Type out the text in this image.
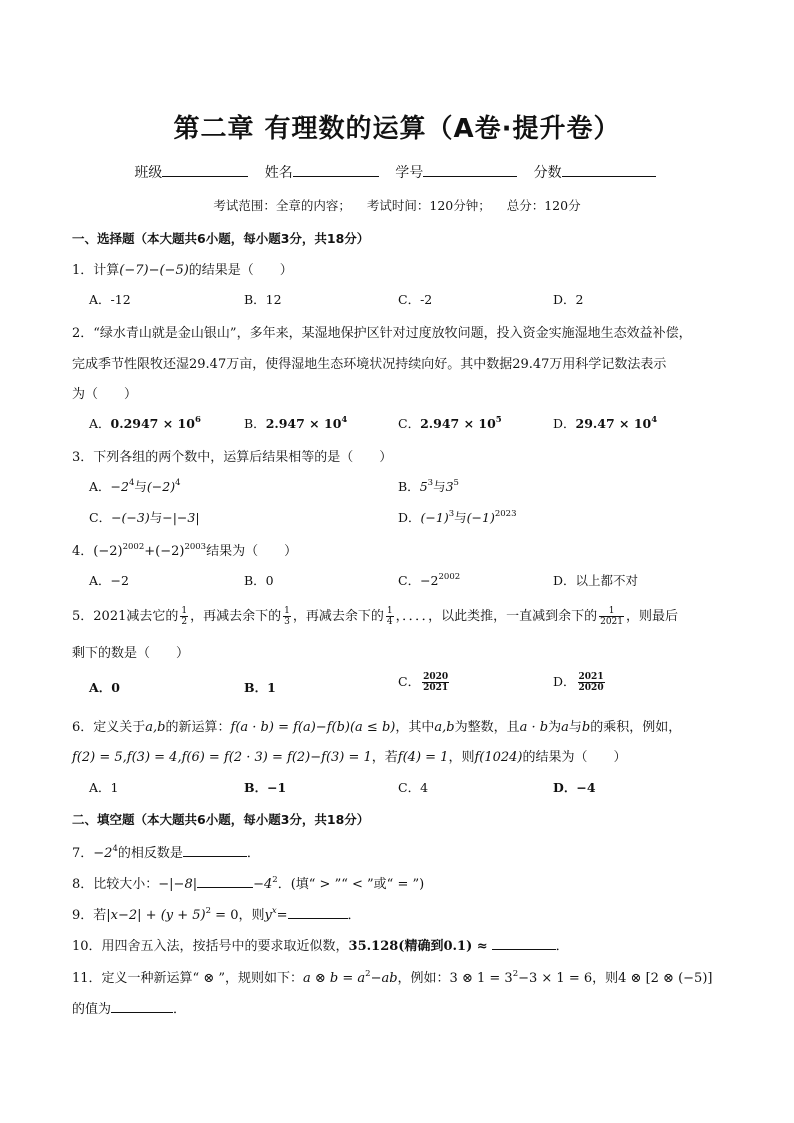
第二章 有理数的运算（A卷·提升卷）
班级	姓名	学号	分数
考试范围：全章的内容； 考试时间：120分钟； 总分：120分
一、选择题（本大题共6小题，每小题3分，共18分）
1．计算(−7)−(−5)的结果是（　　）
A．-12	B．12	C．-2	D．2
2．“绿水青山就是金山银山”，多年来，某湿地保护区针对过度放牧问题，投入资金实施湿地生态效益补偿，
完成季节性限牧还湿29.47万亩，使得湿地生态环境状况持续向好。其中数据29.47万用科学记数法表示
为（　　）
A．$0.2947 \times 10^6$	B．$2.947 \times 10^4$	C．$2.947 \times 10^5$	D．$29.47 \times 10^4$
3．下列各组的两个数中，运算后结果相等的是（　　）
A．$-2^4$与$(-2)^4$	B．$5^3$与$3^5$
C．−(−3)与−|−3|	D．$(-1)^3$与$(-1)^{2023}$
4．$(-2)^{2002}+(-2)^{2003}$结果为（　　）
A．−2	B．0	C．$-2^{2002}$	D．以上都不对
5．2021减去它的 $\frac{1}{2}$ ，再减去余下的 $\frac{1}{3}$ ，再减去余下的 $\frac{1}{4}$ ，．．．．，以此类推，一直减到余下的 $\frac{1}{2021}$ ，则最后
剩下的数是（　　）
A．0	B．1	C． $\frac{2020}{2021}$	D． $\frac{2021}{2020}$
6．定义关于a,b的新运算：f(a · b) = f(a)−f(b)(a ≤ b)，其中a,b为整数，且a · b为a与b的乘积，例如，
f(2) = 5,f(3) = 4,f(6) = f(2 · 3) = f(2)−f(3) = 1，若f(4) = 1，则f(1024)的结果为（　　）
A．1	B．−1	C．4	D．−4
二、填空题（本大题共6小题，每小题3分，共18分）
7．$-2^4$的相反数是	．
8．比较大小：−|−8|	$-4^2$．(填“ > ”“ < ”或“ = ”)
9．若$|x-2| + (y + 5)^2 = 0$，则$y^x=$	．
10．用四舍五入法，按括号中的要求取近似数，35.128(精确到0.1) ≈	．
11．定义一种新运算“ ⊗ ”，规则如下：a ⊗ $b = a^2-ab$，例如：3 ⊗ $1 = 3^2-3 \times 1 = 6$，则4 ⊗ [2 ⊗ (−5)]
的值为	．
